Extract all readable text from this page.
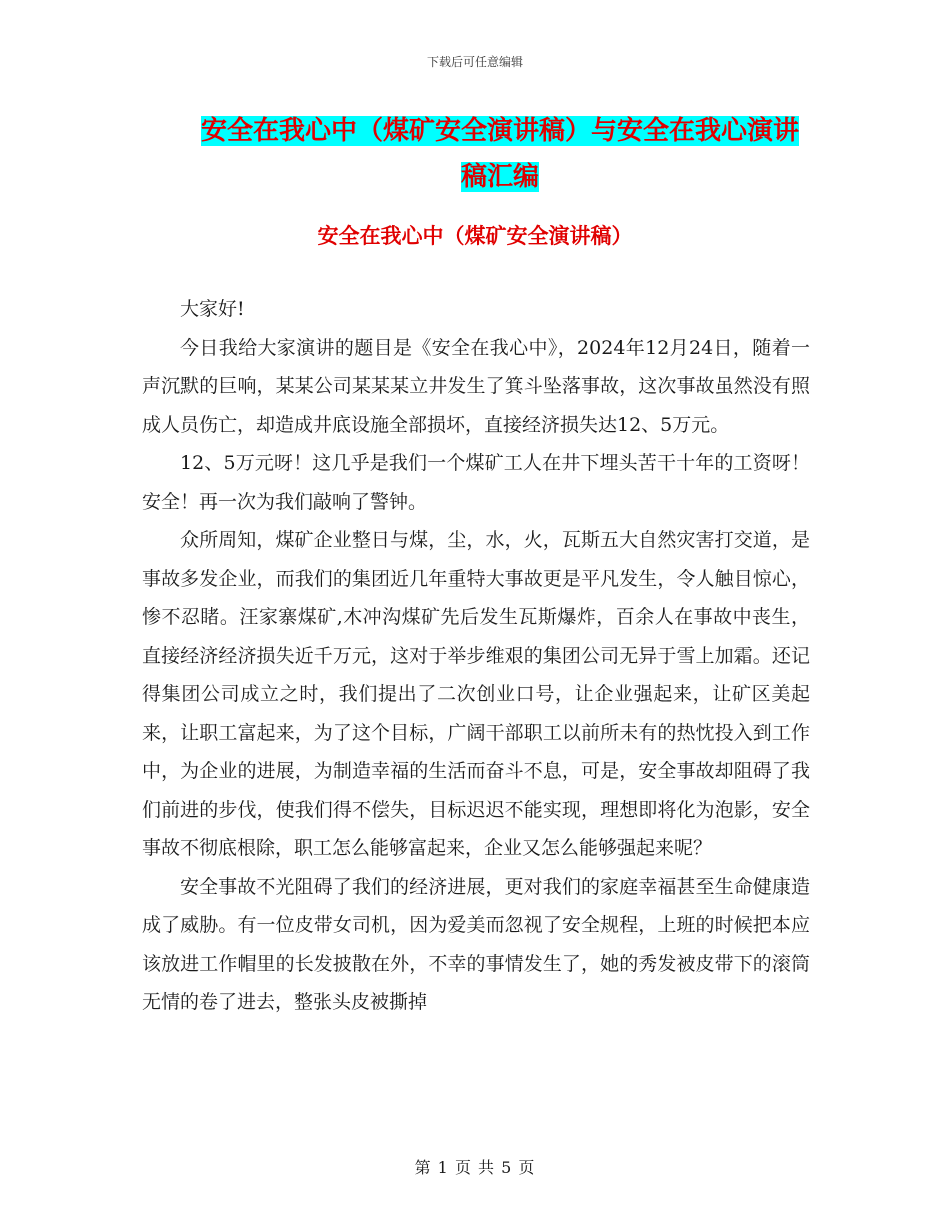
下载后可任意编辑
安全在我心中（煤矿安全演讲稿）与安全在我心演讲稿汇编
安全在我心中（煤矿安全演讲稿）

大家好!

今日我给大家演讲的题目是《安全在我心中》，2024年12月24日，随着一声沉默的巨响，某某公司某某某立井发生了箕斗坠落事故，这次事故虽然没有照成人员伤亡，却造成井底设施全部损坏，直接经济损失达12、5万元。

12、5万元呀！这几乎是我们一个煤矿工人在井下埋头苦干十年的工资呀！安全！再一次为我们敲响了警钟。

众所周知，煤矿企业整日与煤，尘，水，火，瓦斯五大自然灾害打交道，是事故多发企业，而我们的集团近几年重特大事故更是平凡发生，令人触目惊心，惨不忍睹。汪家寨煤矿,木冲沟煤矿先后发生瓦斯爆炸，百余人在事故中丧生，直接经济经济损失近千万元，这对于举步维艰的集团公司无异于雪上加霜。还记得集团公司成立之时，我们提出了二次创业口号，让企业强起来，让矿区美起来，让职工富起来，为了这个目标，广阔干部职工以前所未有的热忱投入到工作中，为企业的进展，为制造幸福的生活而奋斗不息，可是，安全事故却阻碍了我们前进的步伐，使我们得不偿失，目标迟迟不能实现，理想即将化为泡影，安全事故不彻底根除，职工怎么能够富起来，企业又怎么能够强起来呢？

安全事故不光阻碍了我们的经济进展，更对我们的家庭幸福甚至生命健康造成了威胁。有一位皮带女司机，因为爱美而忽视了安全规程，上班的时候把本应该放进工作帽里的长发披散在外，不幸的事情发生了，她的秀发被皮带下的滚筒无情的卷了进去，整张头皮被撕掉

第 1 页 共 5 页
